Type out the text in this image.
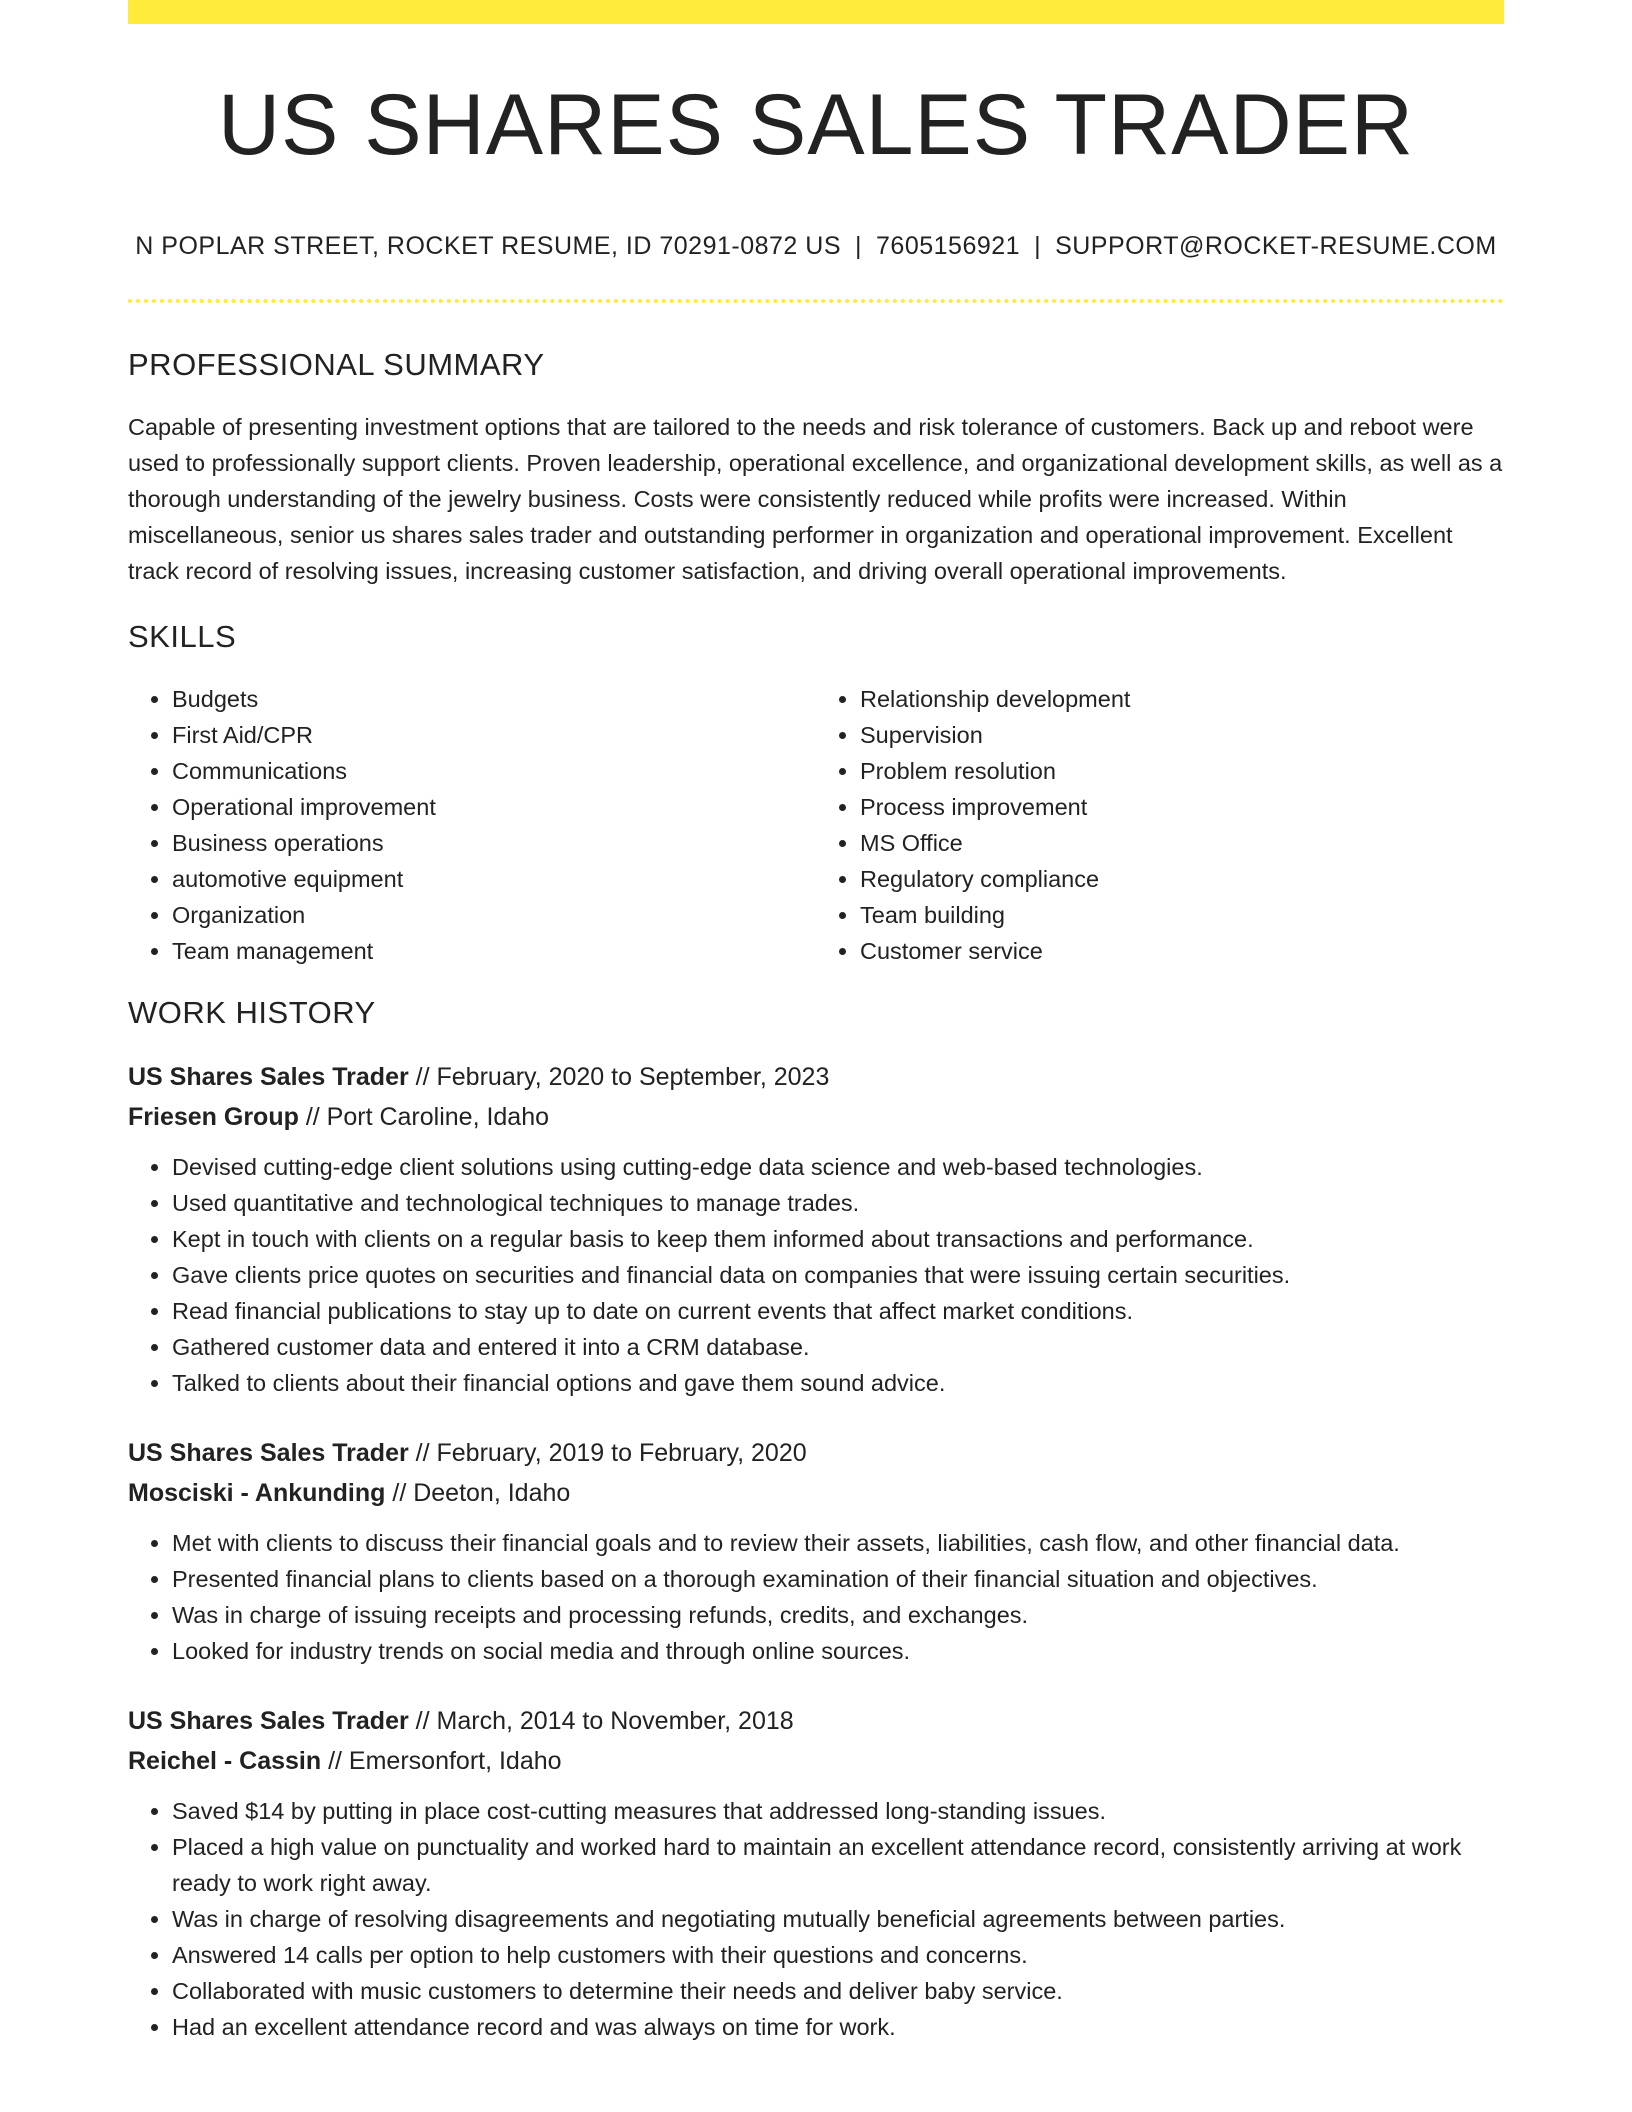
US SHARES SALES TRADER
N POPLAR STREET, ROCKET RESUME, ID 70291-0872 US | 7605156921 | SUPPORT@ROCKET-RESUME.COM
PROFESSIONAL SUMMARY

Capable of presenting investment options that are tailored to the needs and risk tolerance of customers. Back up and reboot were used to professionally support clients. Proven leadership, operational excellence, and organizational development skills, as well as a thorough understanding of the jewelry business. Costs were consistently reduced while profits were increased. Within miscellaneous, senior us shares sales trader and outstanding performer in organization and operational improvement. Excellent track record of resolving issues, increasing customer satisfaction, and driving overall operational improvements.

SKILLS
• Budgets
• First Aid/CPR
• Communications
• Operational improvement
• Business operations
• automotive equipment
• Organization
• Team management
• Relationship development
• Supervision
• Problem resolution
• Process improvement
• MS Office
• Regulatory compliance
• Team building
• Customer service
WORK HISTORY
US Shares Sales Trader // February, 2020 to September, 2023
Friesen Group // Port Caroline, Idaho
• Devised cutting-edge client solutions using cutting-edge data science and web-based technologies.
• Used quantitative and technological techniques to manage trades.
• Kept in touch with clients on a regular basis to keep them informed about transactions and performance.
• Gave clients price quotes on securities and financial data on companies that were issuing certain securities.
• Read financial publications to stay up to date on current events that affect market conditions.
• Gathered customer data and entered it into a CRM database.
• Talked to clients about their financial options and gave them sound advice.
US Shares Sales Trader // February, 2019 to February, 2020
Mosciski - Ankunding // Deeton, Idaho
• Met with clients to discuss their financial goals and to review their assets, liabilities, cash flow, and other financial data.
• Presented financial plans to clients based on a thorough examination of their financial situation and objectives.
• Was in charge of issuing receipts and processing refunds, credits, and exchanges.
• Looked for industry trends on social media and through online sources.
US Shares Sales Trader // March, 2014 to November, 2018
Reichel - Cassin // Emersonfort, Idaho
• Saved $14 by putting in place cost-cutting measures that addressed long-standing issues.
• Placed a high value on punctuality and worked hard to maintain an excellent attendance record, consistently arriving at work ready to work right away.
• Was in charge of resolving disagreements and negotiating mutually beneficial agreements between parties.
• Answered 14 calls per option to help customers with their questions and concerns.
• Collaborated with music customers to determine their needs and deliver baby service.
• Had an excellent attendance record and was always on time for work.
